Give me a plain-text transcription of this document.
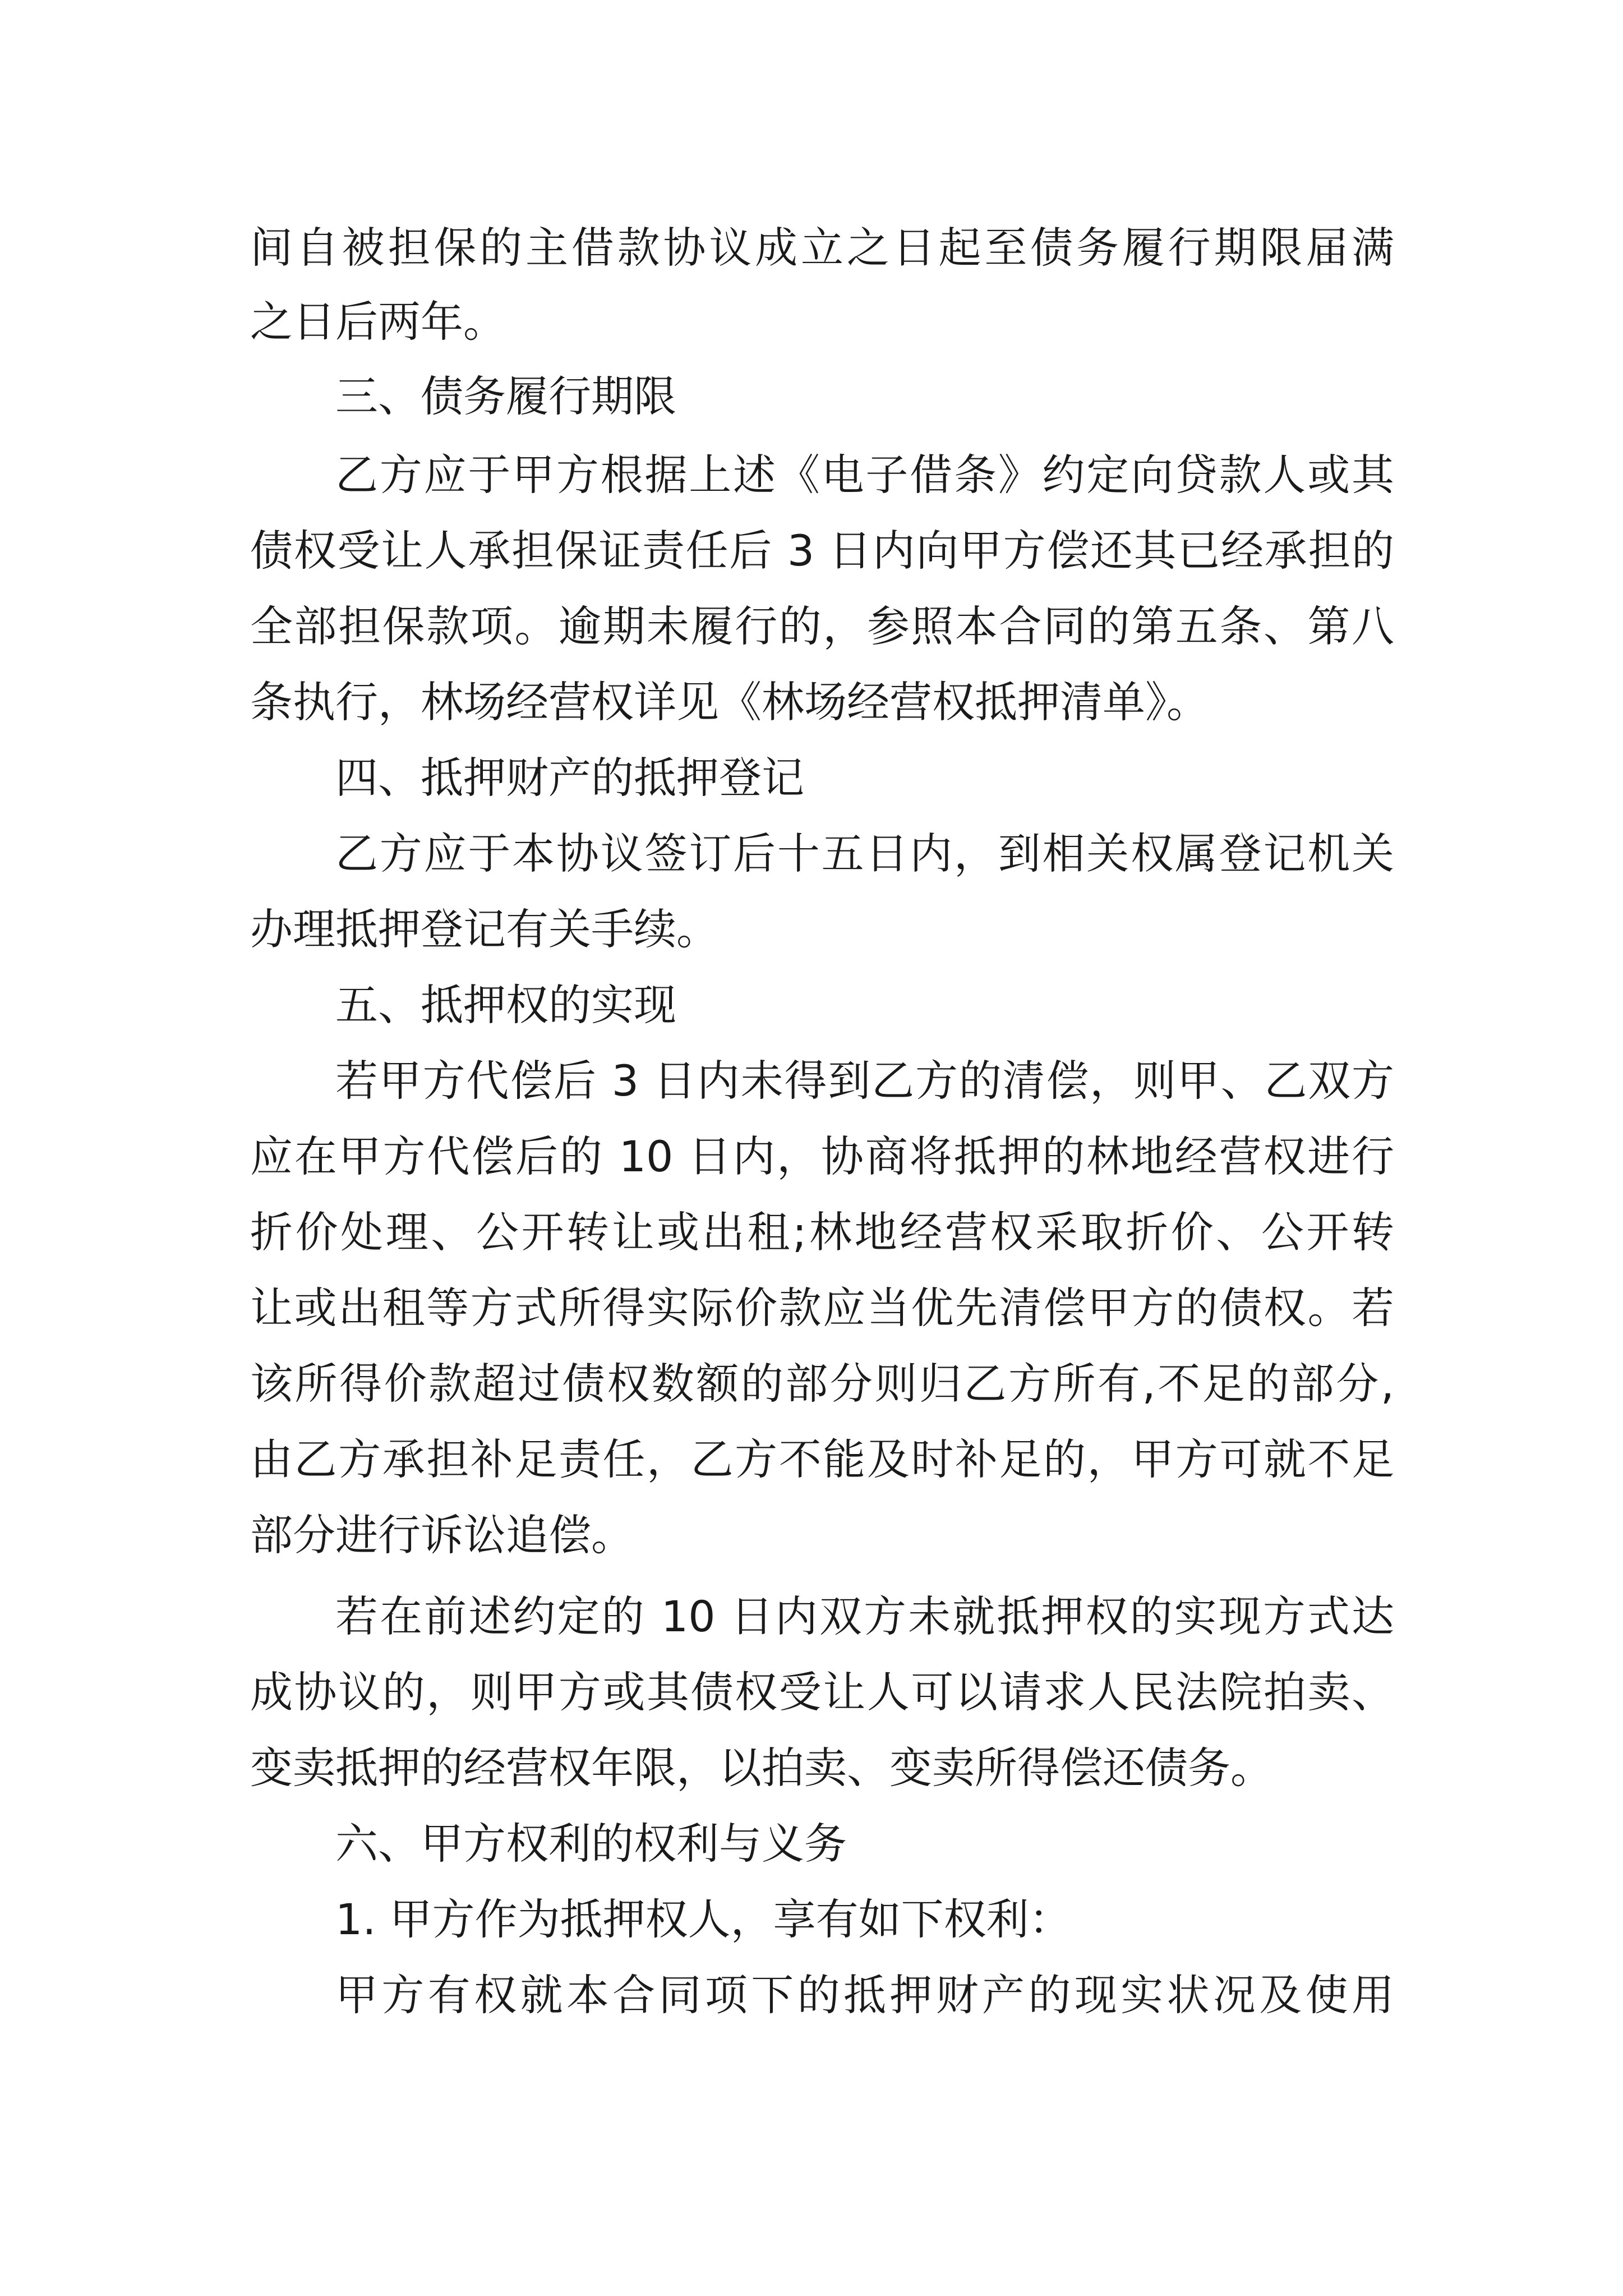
间自被担保的主借款协议成立之日起至债务履行期限届满
之日后两年。
三、债务履行期限
乙方应于甲方根据上述《电子借条》约定向贷款人或其
债权受让人承担保证责任后 3 日内向甲方偿还其已经承担的
全部担保款项。逾期未履行的，参照本合同的第五条、第八
条执行，林场经营权详见《林场经营权抵押清单》。
四、抵押财产的抵押登记
乙方应于本协议签订后十五日内，到相关权属登记机关
办理抵押登记有关手续。
五、抵押权的实现
若甲方代偿后 3 日内未得到乙方的清偿，则甲、乙双方
应在甲方代偿后的 10 日内，协商将抵押的林地经营权进行
折价处理、公开转让或出租;林地经营权采取折价、公开转
让或出租等方式所得实际价款应当优先清偿甲方的债权。若
该所得价款超过债权数额的部分则归乙方所有,不足的部分,
由乙方承担补足责任，乙方不能及时补足的，甲方可就不足
部分进行诉讼追偿。
若在前述约定的 10 日内双方未就抵押权的实现方式达
成协议的，则甲方或其债权受让人可以请求人民法院拍卖、
变卖抵押的经营权年限，以拍卖、变卖所得偿还债务。
六、甲方权利的权利与义务
1. 甲方作为抵押权人，享有如下权利：
甲方有权就本合同项下的抵押财产的现实状况及使用
